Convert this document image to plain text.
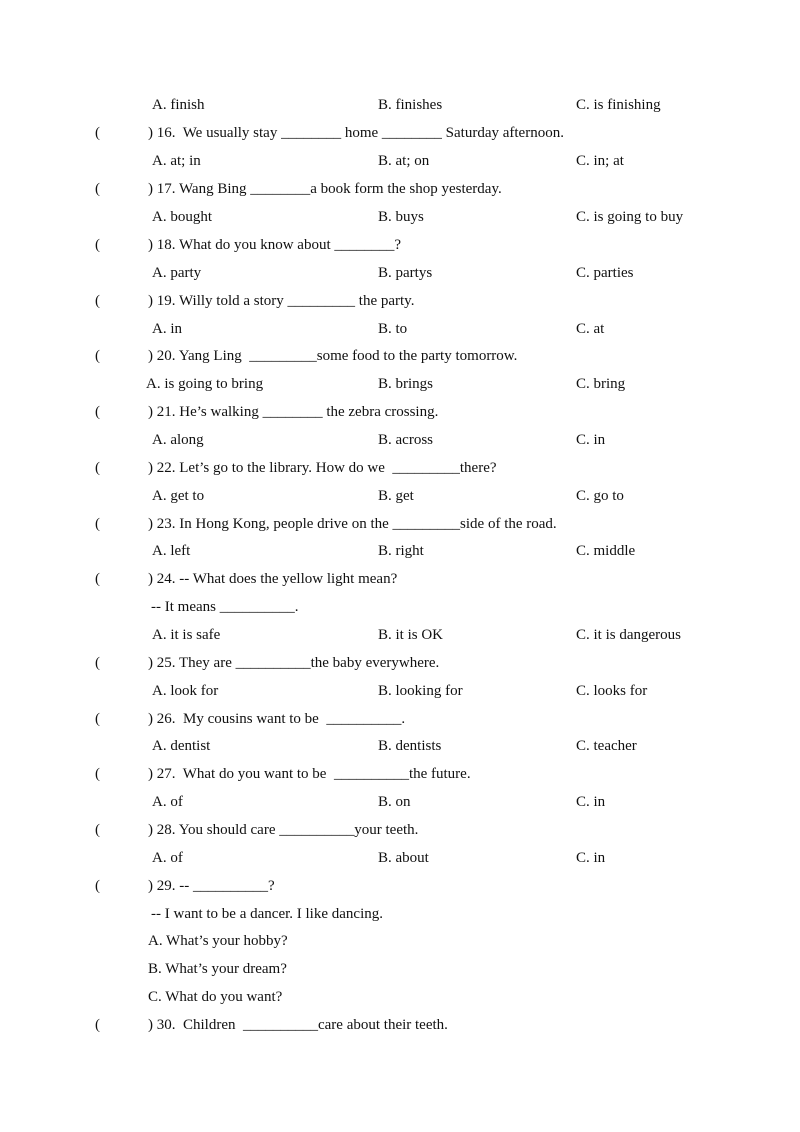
A. finish	B. finishes	C. is finishing
(	) 16.  We usually stay ________ home ________ Saturday afternoon.
A. at; in	B. at; on	C. in; at
(	) 17. Wang Bing ________a book form the shop yesterday.
A. bought	B. buys	C. is going to buy
(	) 18. What do you know about ________?
A. party	B. partys	C. parties
(	) 19. Willy told a story _________ the party.
A. in	B. to	C. at
(	) 20. Yang Ling  _________some food to the party tomorrow.
A. is going to bring	B. brings	C. bring
(	) 21. He’s walking ________ the zebra crossing.
A. along	B. across	C. in
(	) 22. Let’s go to the library. How do we  _________there?
A. get to	B. get	C. go to
(	) 23. In Hong Kong, people drive on the _________side of the road.
A. left	B. right	C. middle
(	) 24. -- What does the yellow light mean?
-- It means __________.
A. it is safe	B. it is OK	C. it is dangerous
(	) 25. They are __________the baby everywhere.
A. look for	B. looking for	C. looks for
(	) 26.  My cousins want to be  __________.
A. dentist	B. dentists	C. teacher
(	) 27.  What do you want to be  __________the future.
A. of	B. on	C. in
(	) 28. You should care __________your teeth.
A. of	B. about	C. in
(	) 29. -- __________?
-- I want to be a dancer. I like dancing.
A. What’s your hobby?
B. What’s your dream?
C. What do you want?
(	) 30.  Children  __________care about their teeth.
